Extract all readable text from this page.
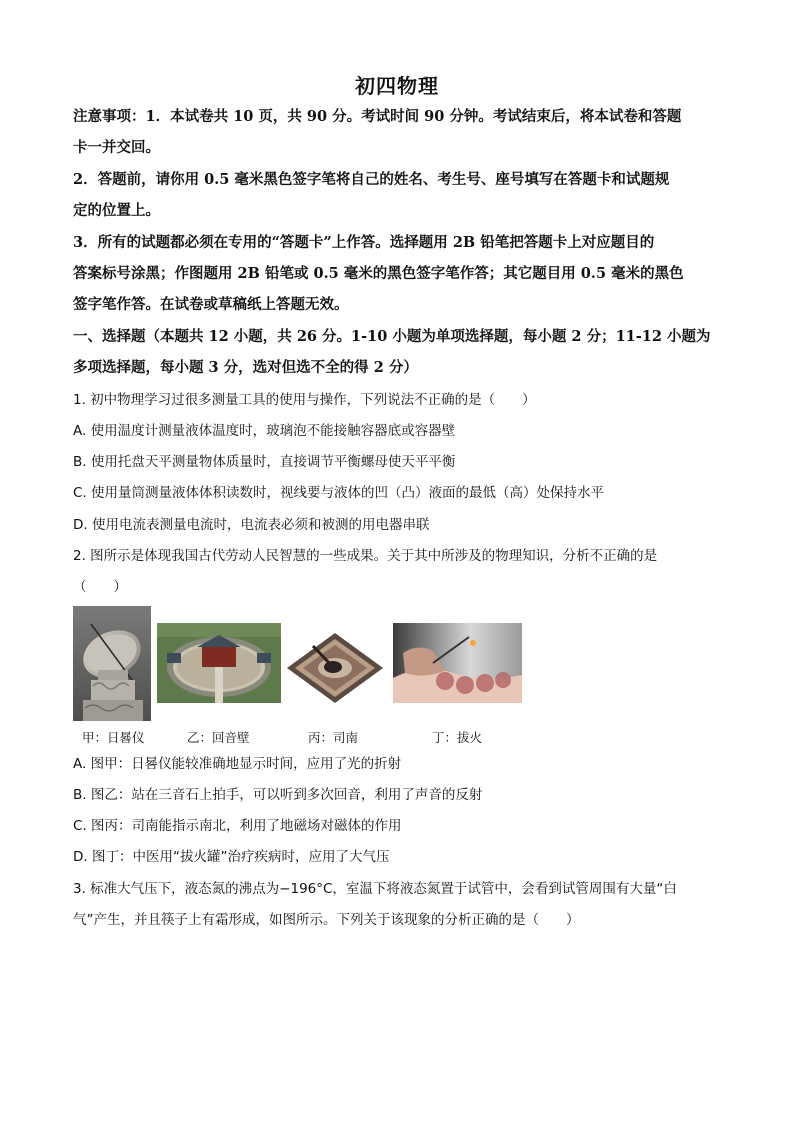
初四物理
注意事项：1．本试卷共 10 页，共 90 分。考试时间 90 分钟。考试结束后，将本试卷和答题
卡一并交回。
2．答题前，请你用 0.5 毫米黑色签字笔将自己的姓名、考生号、座号填写在答题卡和试题规
定的位置上。
3．所有的试题都必须在专用的“答题卡”上作答。选择题用 2B 铅笔把答题卡上对应题目的
答案标号涂黑；作图题用 2B 铅笔或 0.5 毫米的黑色签字笔作答；其它题目用 0.5 毫米的黑色
签字笔作答。在试卷或草稿纸上答题无效。
一、选择题（本题共 12 小题，共 26 分。1-10 小题为单项选择题，每小题 2 分；11-12 小题为
多项选择题，每小题 3 分，选对但选不全的得 2 分）
1. 初中物理学习过很多测量工具的使用与操作，下列说法不正确的是（　　）
A. 使用温度计测量液体温度时，玻璃泡不能接触容器底或容器壁
B. 使用托盘天平测量物体质量时，直接调节平衡螺母使天平平衡
C. 使用量筒测量液体体积读数时，视线要与液体的凹（凸）液面的最低（高）处保持水平
D. 使用电流表测量电流时，电流表必须和被测的用电器串联
2. 图所示是体现我国古代劳动人民智慧的一些成果。关于其中所涉及的物理知识，分析不正确的是
（　　）
甲：日晷仪	乙：回音壁	丙：司南	丁：拔火
A. 图甲：日晷仪能较准确地显示时间，应用了光的折射
B. 图乙：站在三音石上拍手，可以听到多次回音，利用了声音的反射
C. 图丙：司南能指示南北，利用了地磁场对磁体的作用
D. 图丁：中医用“拔火罐”治疗疾病时，应用了大气压
3. 标准大气压下，液态氮的沸点为−196°C，室温下将液态氮置于试管中，会看到试管周围有大量“白
气”产生，并且筷子上有霜形成，如图所示。下列关于该现象的分析正确的是（　　）
